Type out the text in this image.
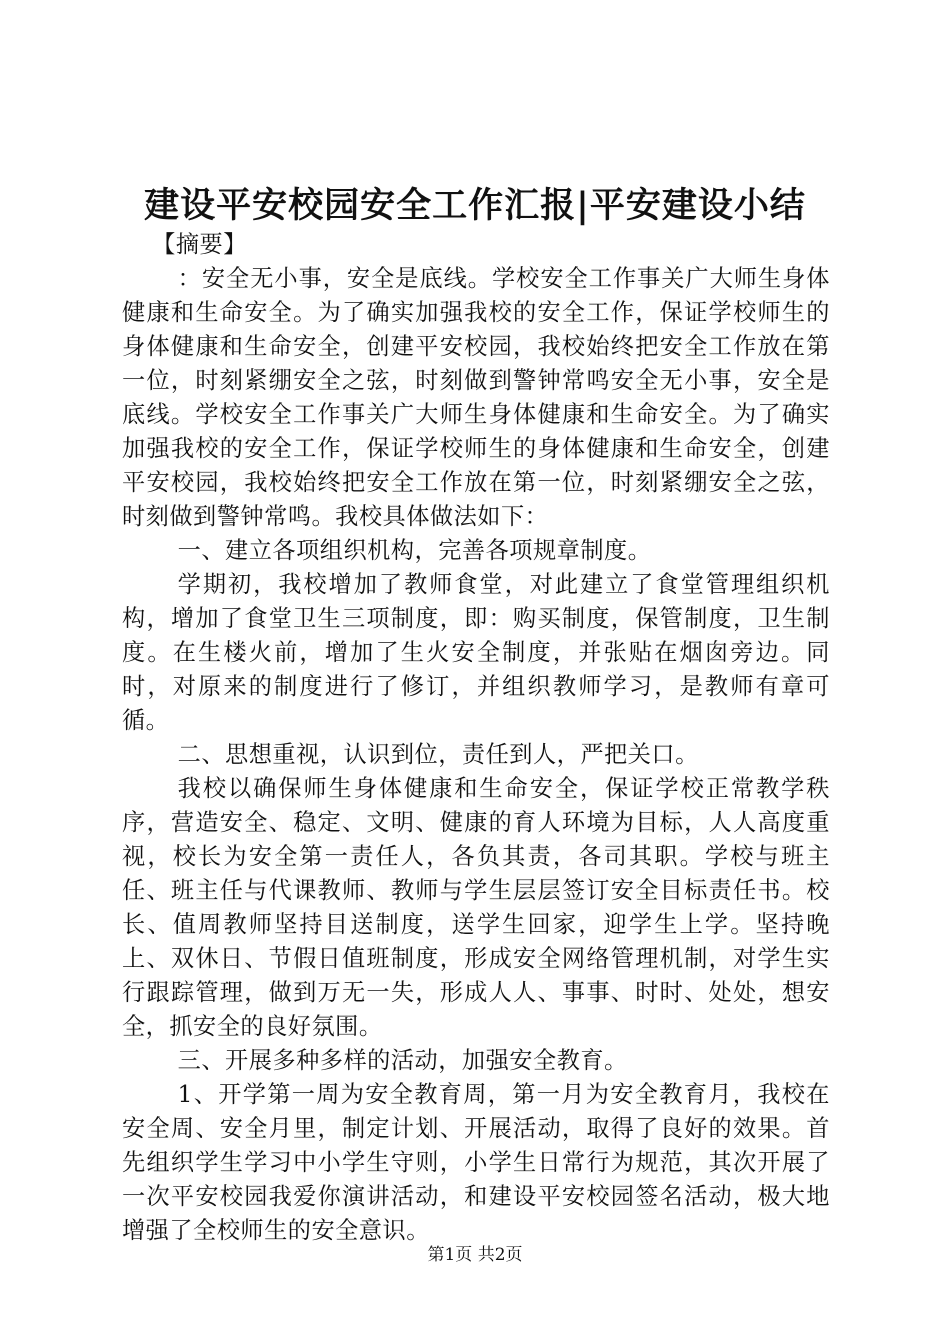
建设平安校园安全工作汇报|平安建设小结

【摘要】

：安全无小事，安全是底线。学校安全工作事关广大师生身体健康和生命安全。为了确实加强我校的安全工作，保证学校师生的身体健康和生命安全，创建平安校园，我校始终把安全工作放在第一位，时刻紧绷安全之弦，时刻做到警钟常鸣安全无小事，安全是底线。学校安全工作事关广大师生身体健康和生命安全。为了确实加强我校的安全工作，保证学校师生的身体健康和生命安全，创建平安校园，我校始终把安全工作放在第一位，时刻紧绷安全之弦，时刻做到警钟常鸣。我校具体做法如下：

一、建立各项组织机构，完善各项规章制度。

学期初，我校增加了教师食堂，对此建立了食堂管理组织机构，增加了食堂卫生三项制度，即：购买制度，保管制度，卫生制度。在生楼火前，增加了生火安全制度，并张贴在烟囱旁边。同时，对原来的制度进行了修订，并组织教师学习，是教师有章可循。

二、思想重视，认识到位，责任到人，严把关口。

我校以确保师生身体健康和生命安全，保证学校正常教学秩序，营造安全、稳定、文明、健康的育人环境为目标，人人高度重视，校长为安全第一责任人，各负其责，各司其职。学校与班主任、班主任与代课教师、教师与学生层层签订安全目标责任书。校长、值周教师坚持目送制度，送学生回家，迎学生上学。坚持晚上、双休日、节假日值班制度，形成安全网络管理机制，对学生实行跟踪管理，做到万无一失，形成人人、事事、时时、处处，想安全，抓安全的良好氛围。

三、开展多种多样的活动，加强安全教育。

1、开学第一周为安全教育周，第一月为安全教育月，我校在安全周、安全月里，制定计划、开展活动，取得了良好的效果。首先组织学生学习中小学生守则，小学生日常行为规范，其次开展了一次平安校园我爱你演讲活动，和建设平安校园签名活动，极大地增强了全校师生的安全意识。

第1页 共2页
